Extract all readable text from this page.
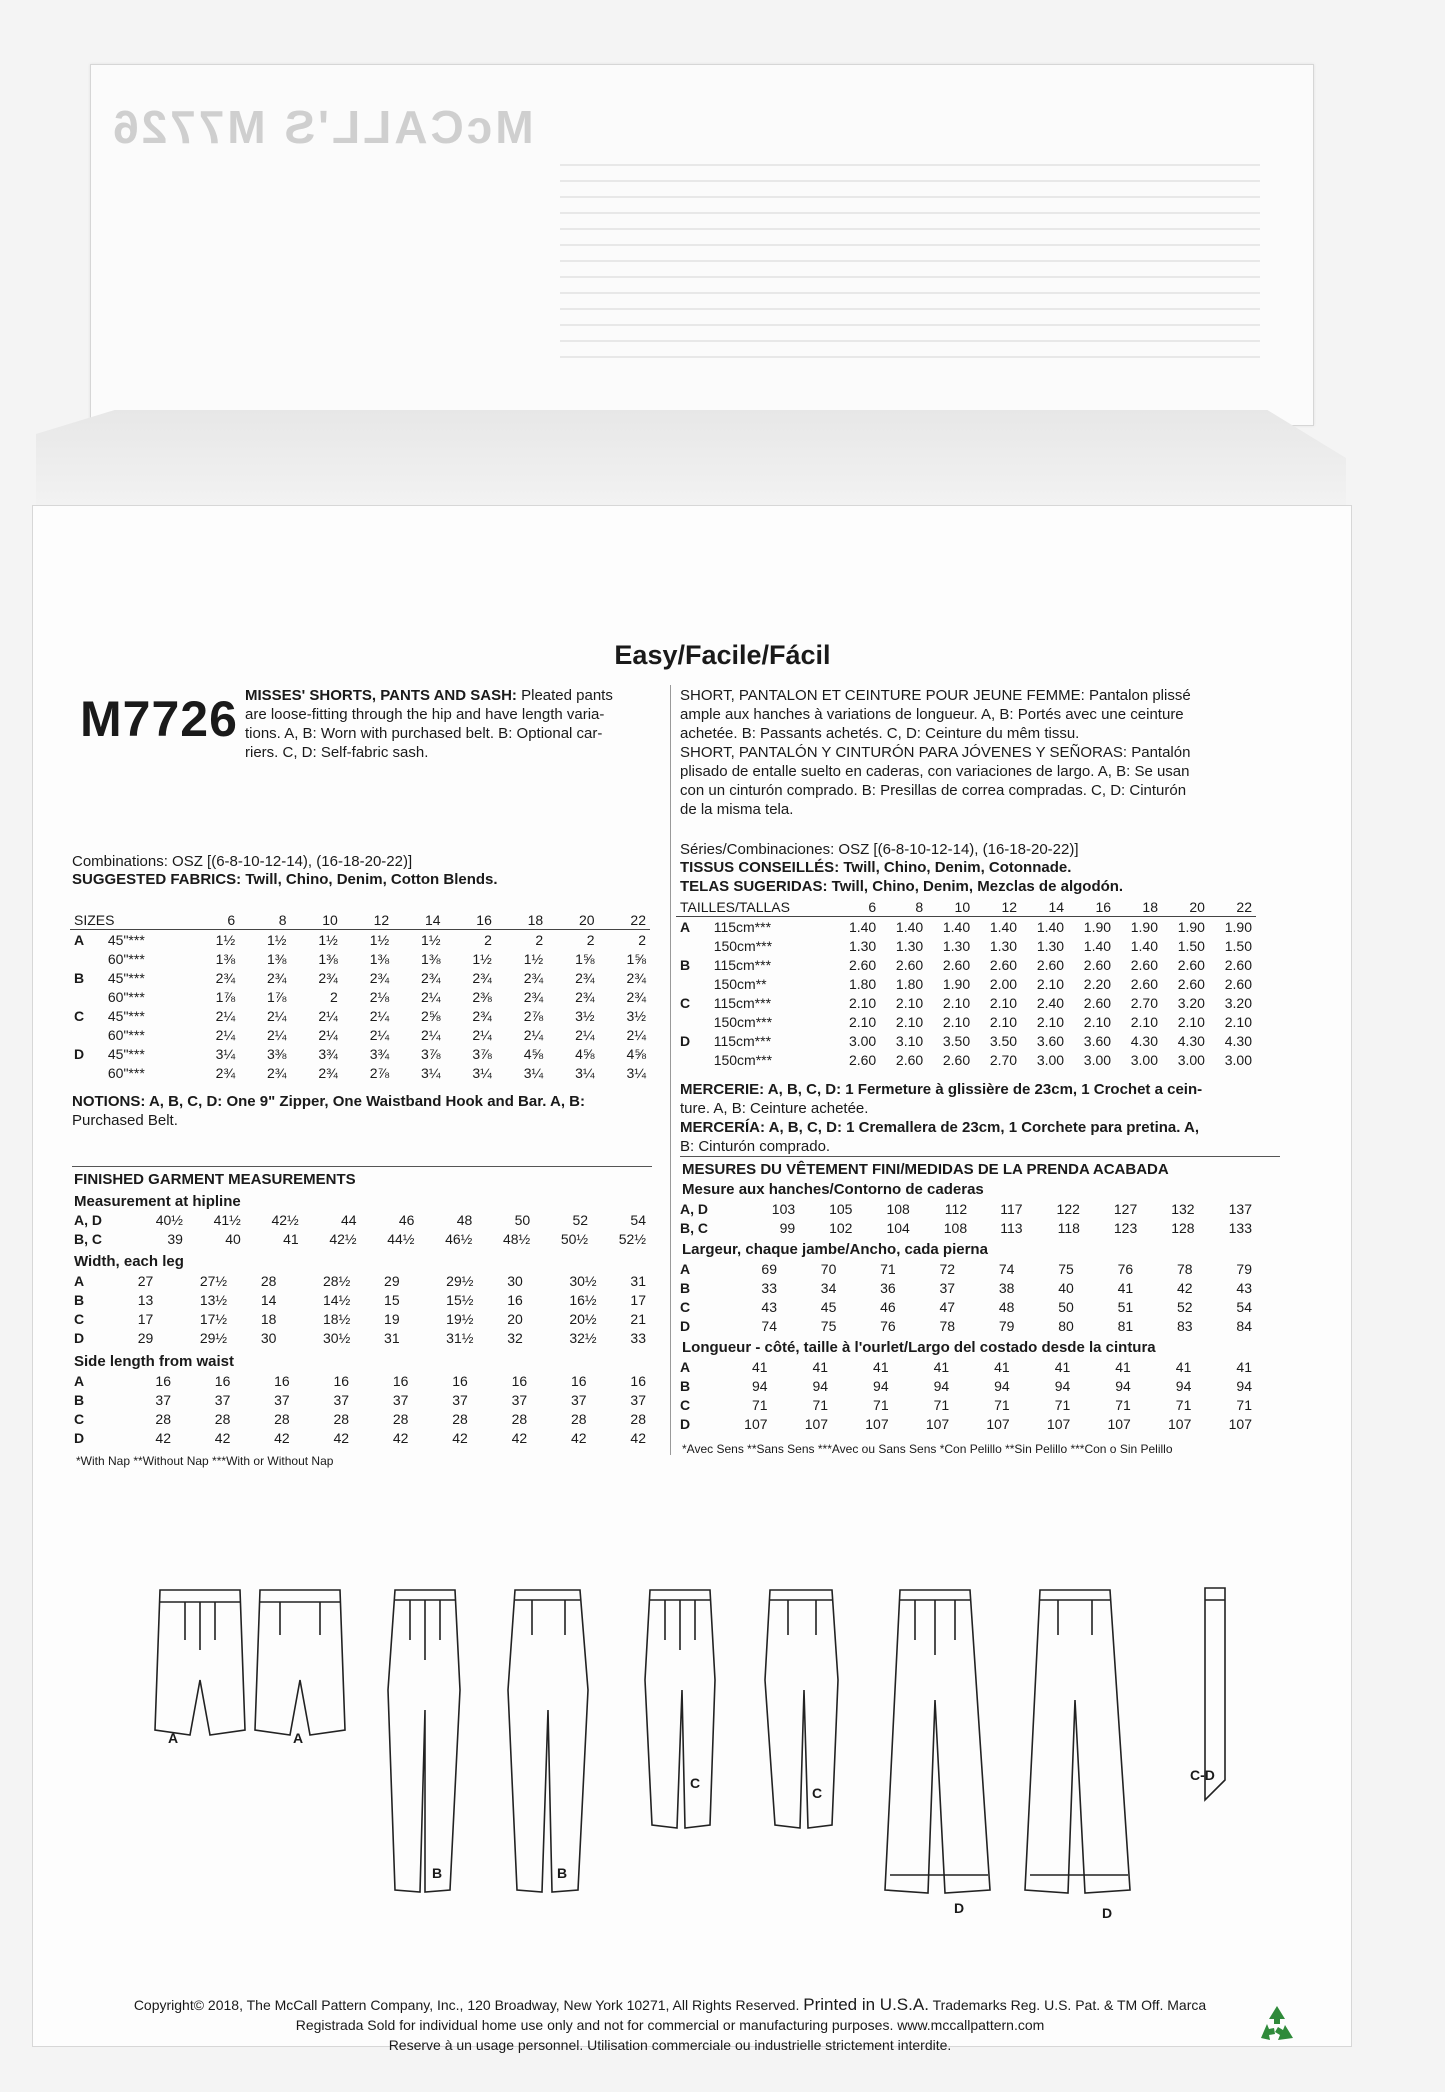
McCALL'S M7726
Easy/Facile/Fácil
M7726 MISSES' SHORTS, PANTS AND SASH: Pleated pants
are loose-fitting through the hip and have length varia-
tions. A, B: Worn with purchased belt. B: Optional car-
riers. C, D: Self-fabric sash.
SHORT, PANTALON ET CEINTURE POUR JEUNE FEMME: Pantalon plissé
ample aux hanches à variations de longueur. A, B: Portés avec une ceinture
achetée. B: Passants achetés. C, D: Ceinture du mêm tissu.
SHORT, PANTALÓN Y CINTURÓN PARA JÓVENES Y SEÑORAS: Pantalón
plisado de entalle suelto en caderas, con variaciones de largo. A, B: Se usan
con un cinturón comprado. B: Presillas de correa compradas. C, D: Cinturón
de la misma tela.
Combinations: OSZ [(6-8-10-12-14), (16-18-20-22)]
SUGGESTED FABRICS: Twill, Chino, Denim, Cotton Blends.
SIZES		6	8	10	12	14	16	18	20	22
A	45"***	1½	1½	1½	1½	1½	2	2	2	2
	60"***	1⅜	1⅜	1⅜	1⅜	1⅜	1½	1½	1⅝	1⅝
B	45"***	2¾	2¾	2¾	2¾	2¾	2¾	2¾	2¾	2¾
	60"***	1⅞	1⅞	2	2⅛	2¼	2⅜	2¾	2¾	2¾
C	45"***	2¼	2¼	2¼	2¼	2⅝	2¾	2⅞	3½	3½
	60"***	2¼	2¼	2¼	2¼	2¼	2¼	2¼	2¼	2¼
D	45"***	3¼	3⅜	3¾	3¾	3⅞	3⅞	4⅝	4⅝	4⅝
	60"***	2¾	2¾	2¾	2⅞	3¼	3¼	3¼	3¼	3¼
NOTIONS: A, B, C, D: One 9" Zipper, One Waistband Hook and Bar. A, B:
Purchased Belt.
FINISHED GARMENT MEASUREMENTS
Measurement at hipline
A, D	40½	41½	42½	44	46	48	50	52	54
B, C	39	40	41	42½	44½	46½	48½	50½	52½
Width, each leg
A	27	27½	28	28½	29	29½	30	30½	31
B	13	13½	14	14½	15	15½	16	16½	17
C	17	17½	18	18½	19	19½	20	20½	21
D	29	29½	30	30½	31	31½	32	32½	33
Side length from waist
A	16	16	16	16	16	16	16	16	16
B	37	37	37	37	37	37	37	37	37
C	28	28	28	28	28	28	28	28	28
D	42	42	42	42	42	42	42	42	42
*With Nap **Without Nap ***With or Without Nap
Séries/Combinaciones: OSZ [(6-8-10-12-14), (16-18-20-22)]
TISSUS CONSEILLÉS: Twill, Chino, Denim, Cotonnade.
TELAS SUGERIDAS: Twill, Chino, Denim, Mezclas de algodón.
TAILLES/TALLAS		6	8	10	12	14	16	18	20	22
A	115cm***	1.40	1.40	1.40	1.40	1.40	1.90	1.90	1.90	1.90
	150cm***	1.30	1.30	1.30	1.30	1.30	1.40	1.40	1.50	1.50
B	115cm***	2.60	2.60	2.60	2.60	2.60	2.60	2.60	2.60	2.60
	150cm**	1.80	1.80	1.90	2.00	2.10	2.20	2.60	2.60	2.60
C	115cm***	2.10	2.10	2.10	2.10	2.40	2.60	2.70	3.20	3.20
	150cm***	2.10	2.10	2.10	2.10	2.10	2.10	2.10	2.10	2.10
D	115cm***	3.00	3.10	3.50	3.50	3.60	3.60	4.30	4.30	4.30
	150cm***	2.60	2.60	2.60	2.70	3.00	3.00	3.00	3.00	3.00
MERCERIE: A, B, C, D: 1 Fermeture à glissière de 23cm, 1 Crochet a cein-
ture. A, B: Ceinture achetée.
MERCERÍA: A, B, C, D: 1 Cremallera de 23cm, 1 Corchete para pretina. A,
B: Cinturón comprado.
MESURES DU VÊTEMENT FINI/MEDIDAS DE LA PRENDA ACABADA
Mesure aux hanches/Contorno de caderas
A, D	103	105	108	112	117	122	127	132	137
B, C	99	102	104	108	113	118	123	128	133
Largeur, chaque jambe/Ancho, cada pierna
A	69	70	71	72	74	75	76	78	79
B	33	34	36	37	38	40	41	42	43
C	43	45	46	47	48	50	51	52	54
D	74	75	76	78	79	80	81	83	84
Longueur - côté, taille à l'ourlet/Largo del costado desde la cintura
A	41	41	41	41	41	41	41	41	41
B	94	94	94	94	94	94	94	94	94
C	71	71	71	71	71	71	71	71	71
D	107	107	107	107	107	107	107	107	107
*Avec Sens **Sans Sens ***Avec ou Sans Sens *Con Pelillo **Sin Pelillo ***Con o Sin Pelillo
A	A
B	B
C
C
D	D
C-D
Copyright© 2018, The McCall Pattern Company, Inc., 120 Broadway, New York 10271, All Rights Reserved. Printed in U.S.A. Trademarks Reg. U.S. Pat. & TM Off. Marca
Registrada Sold for individual home use only and not for commercial or manufacturing purposes. www.mccallpattern.com
Reserve à un usage personnel. Utilisation commerciale ou industrielle strictement interdite.
